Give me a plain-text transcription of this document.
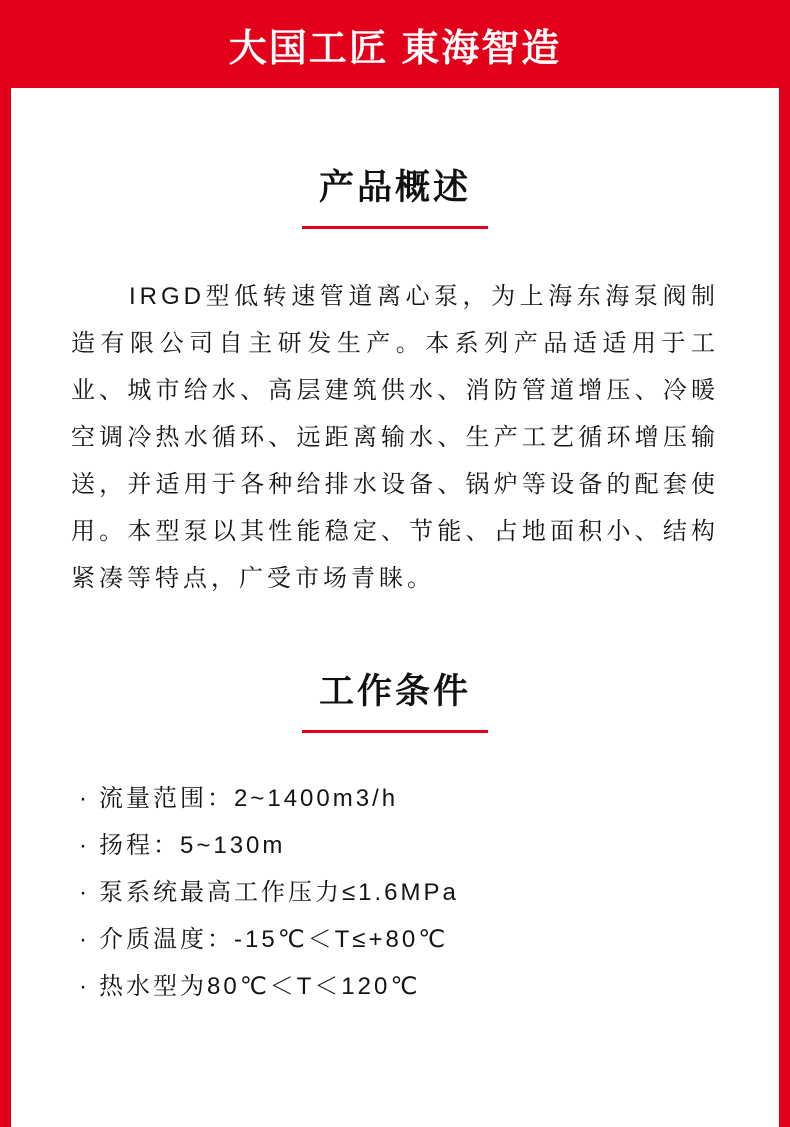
大国工匠 東海智造
产品概述

IRGD型低转速管道离心泵，为上海东海泵阀制造有限公司自主研发生产。本系列产品适适用于工业、城市给水、高层建筑供水、消防管道增压、冷暖空调冷热水循环、远距离输水、生产工艺循环增压输送，并适用于各种给排水设备、锅炉等设备的配套使用。本型泵以其性能稳定、节能、占地面积小、结构紧凑等特点，广受市场青睐。

工作条件
· 流量范围：2~1400m3/h
· 扬程：5~130m
· 泵系统最高工作压力≤1.6MPa
· 介质温度：-15℃＜T≤+80℃
· 热水型为80℃＜T＜120℃
